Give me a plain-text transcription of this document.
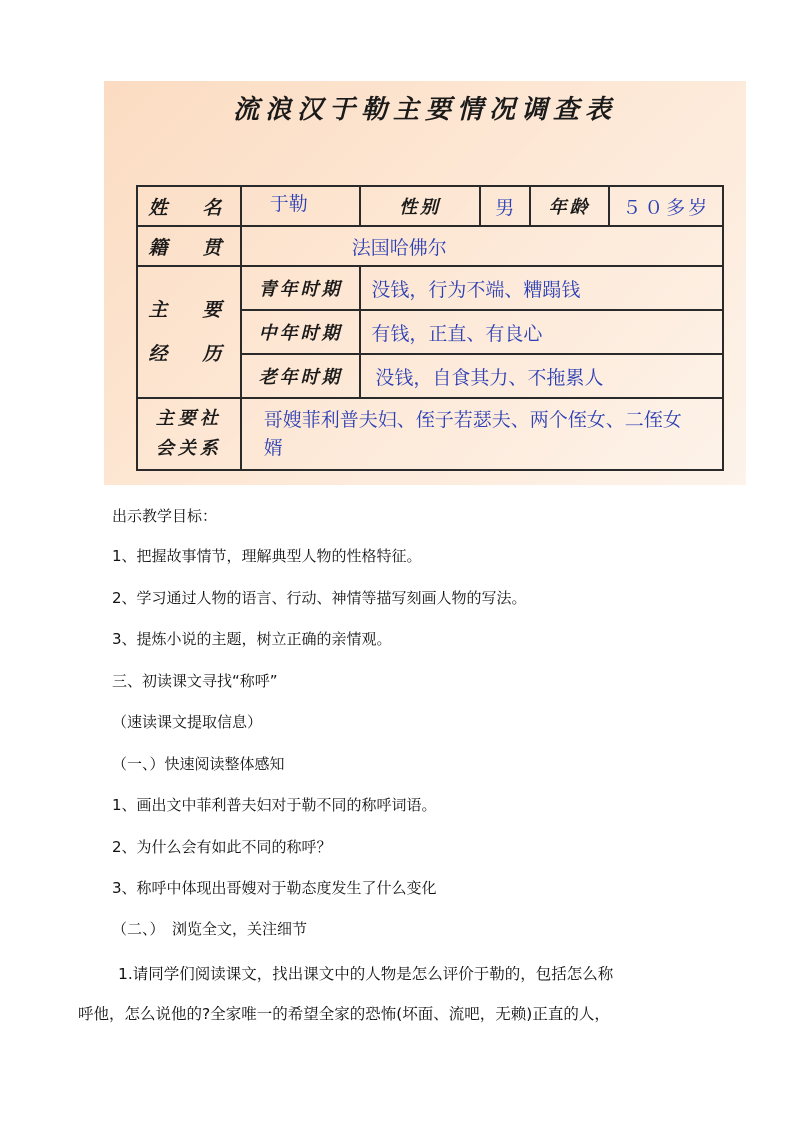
流浪汉于勒主要情况调查表
姓　名	于勒	性别	男	年龄	５０多岁
籍　贯	法国哈佛尔				

主　要
经　历	青年时期	没钱，行为不端、糟蹋钱			
	中年时期	有钱，正直、有良心			
	老年时期	没钱，自食其力、不拖累人			

主要社
会关系	哥嫂菲利普夫妇、侄子若瑟夫、两个侄女、二侄女婿				
出示教学目标：
1、把握故事情节，理解典型人物的性格特征。
2、学习通过人物的语言、行动、神情等描写刻画人物的写法。
3、提炼小说的主题，树立正确的亲情观。
三、初读课文寻找“称呼”
（速读课文提取信息）
（一、）快速阅读整体感知
1、画出文中菲利普夫妇对于勒不同的称呼词语。
2、为什么会有如此不同的称呼？
3、称呼中体现出哥嫂对于勒态度发生了什么变化
（二、）　浏览全文，关注细节
1.请同学们阅读课文，找出课文中的人物是怎么评价于勒的，包括怎么称
呼他，怎么说他的?全家唯一的希望全家的恐怖(坏面、流吧，无赖)正直的人，
